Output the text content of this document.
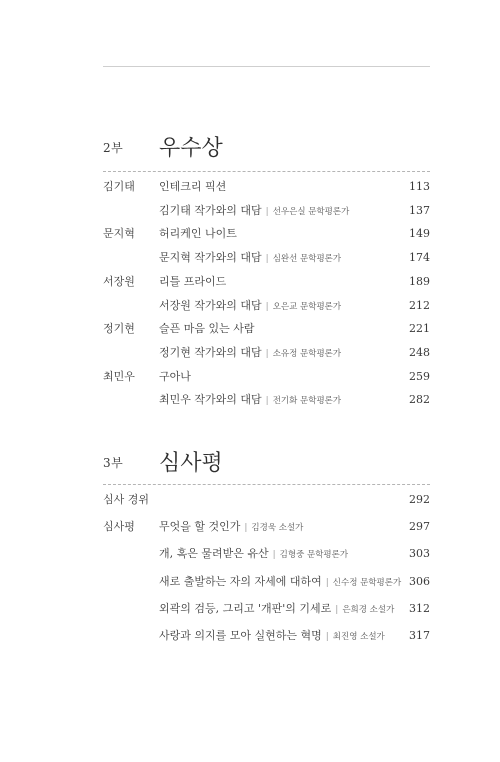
2부 우수상
김기태 인테크리 픽션	113
김기태 작가와의 대담 | 선우은실 문학평론가	137
문지혁 허리케인 나이트	149
문지혁 작가와의 대담 | 심완선 문학평론가	174
서장원 리틀 프라이드	189
서장원 작가와의 대담 | 오은교 문학평론가	212
정기현 슬픈 마음 있는 사람	221
정기현 작가와의 대담 | 소유정 문학평론가	248
최민우 구아나	259
최민우 작가와의 대담 | 전기화 문학평론가	282
3부 심사평
심사 경위	292
심사평 무엇을 할 것인가 | 김경욱 소설가	297
개, 혹은 물려받은 유산 | 김형중 문학평론가	303
새로 출발하는 자의 자세에 대하여 | 신수정 문학평론가 306
외곽의 검등, 그리고 '개판'의 기세로 | 은희경 소설가 312
사랑과 의지를 모아 실현하는 혁명 | 최진영 소설가 317
